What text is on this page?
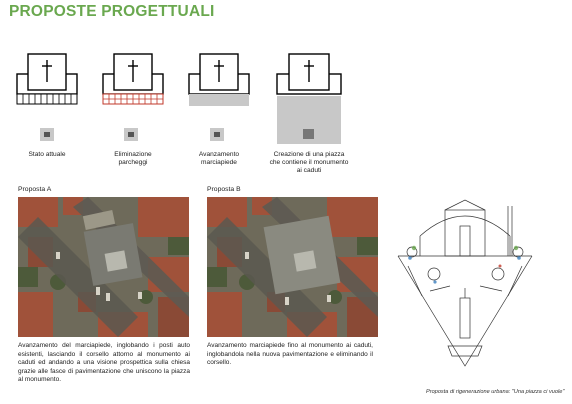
PROPOSTE PROGETTUALI
Stato attuale	Eliminazione parcheggi
Avanzamento marciapiede
Creazione di una piazza che contiene il monumento ai caduti
Proposta A	Proposta B
Avanzamento del marciapiede, inglobando i posti auto esistenti, lasciando il corsello attorno al monumento ai caduti ed andando a una visione prospettica sulla chiesa grazie alle fasce di pavimentazione che uniscono la piazza al monumento.
Avanzamento marciapiede fino al monumento ai caduti, inglobandola nella nuova pavimentazione e eliminando il corsello.
Proposta di rigenerazione urbana: "Una piazza ci vuole"
